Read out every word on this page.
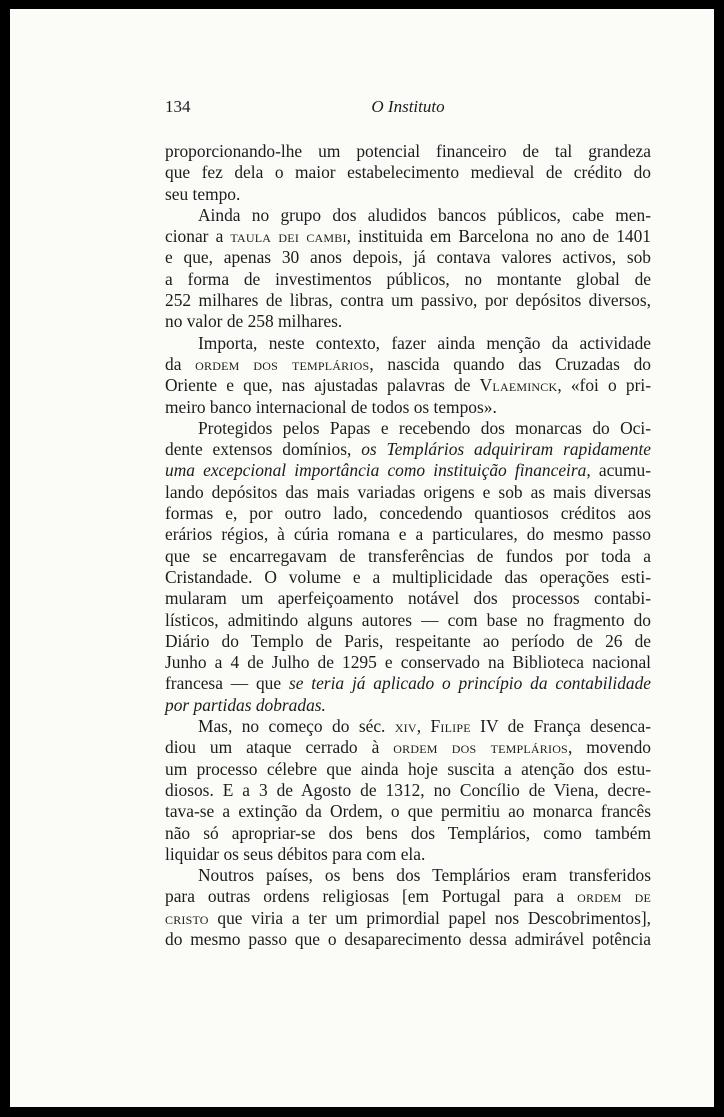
134	O Instituto
proporcionando-lhe um potencial financeiro de tal grandeza
que fez dela o maior estabelecimento medieval de crédito do
seu tempo.
Ainda no grupo dos aludidos bancos públicos, cabe men-
cionar a taula dei cambi, instituida em Barcelona no ano de 1401
e que, apenas 30 anos depois, já contava valores activos, sob
a forma de investimentos públicos, no montante global de
252 milhares de libras, contra um passivo, por depósitos diversos,
no valor de 258 milhares.
Importa, neste contexto, fazer ainda menção da actividade
da ordem dos templários, nascida quando das Cruzadas do
Oriente e que, nas ajustadas palavras de Vlaeminck, «foi o pri-
meiro banco internacional de todos os tempos».
Protegidos pelos Papas e recebendo dos monarcas do Oci-
dente extensos domínios, os Templários adquiriram rapidamente
uma excepcional importância como instituição financeira, acumu-
lando depósitos das mais variadas origens e sob as mais diversas
formas e, por outro lado, concedendo quantiosos créditos aos
erários régios, à cúria romana e a particulares, do mesmo passo
que se encarregavam de transferências de fundos por toda a
Cristandade. O volume e a multiplicidade das operações esti-
mularam um aperfeiçoamento notável dos processos contabi-
lísticos, admitindo alguns autores — com base no fragmento do
Diário do Templo de Paris, respeitante ao período de 26 de
Junho a 4 de Julho de 1295 e conservado na Biblioteca nacional
francesa — que se teria já aplicado o princípio da contabilidade
por partidas dobradas.
Mas, no começo do séc. xiv, Filipe IV de França desenca-
diou um ataque cerrado à ordem dos templários, movendo
um processo célebre que ainda hoje suscita a atenção dos estu-
diosos. E a 3 de Agosto de 1312, no Concílio de Viena, decre-
tava-se a extinção da Ordem, o que permitiu ao monarca francês
não só apropriar-se dos bens dos Templários, como também
liquidar os seus débitos para com ela.
Noutros países, os bens dos Templários eram transferidos
para outras ordens religiosas [em Portugal para a ordem de
cristo que viria a ter um primordial papel nos Descobrimentos],
do mesmo passo que o desaparecimento dessa admirável potência
